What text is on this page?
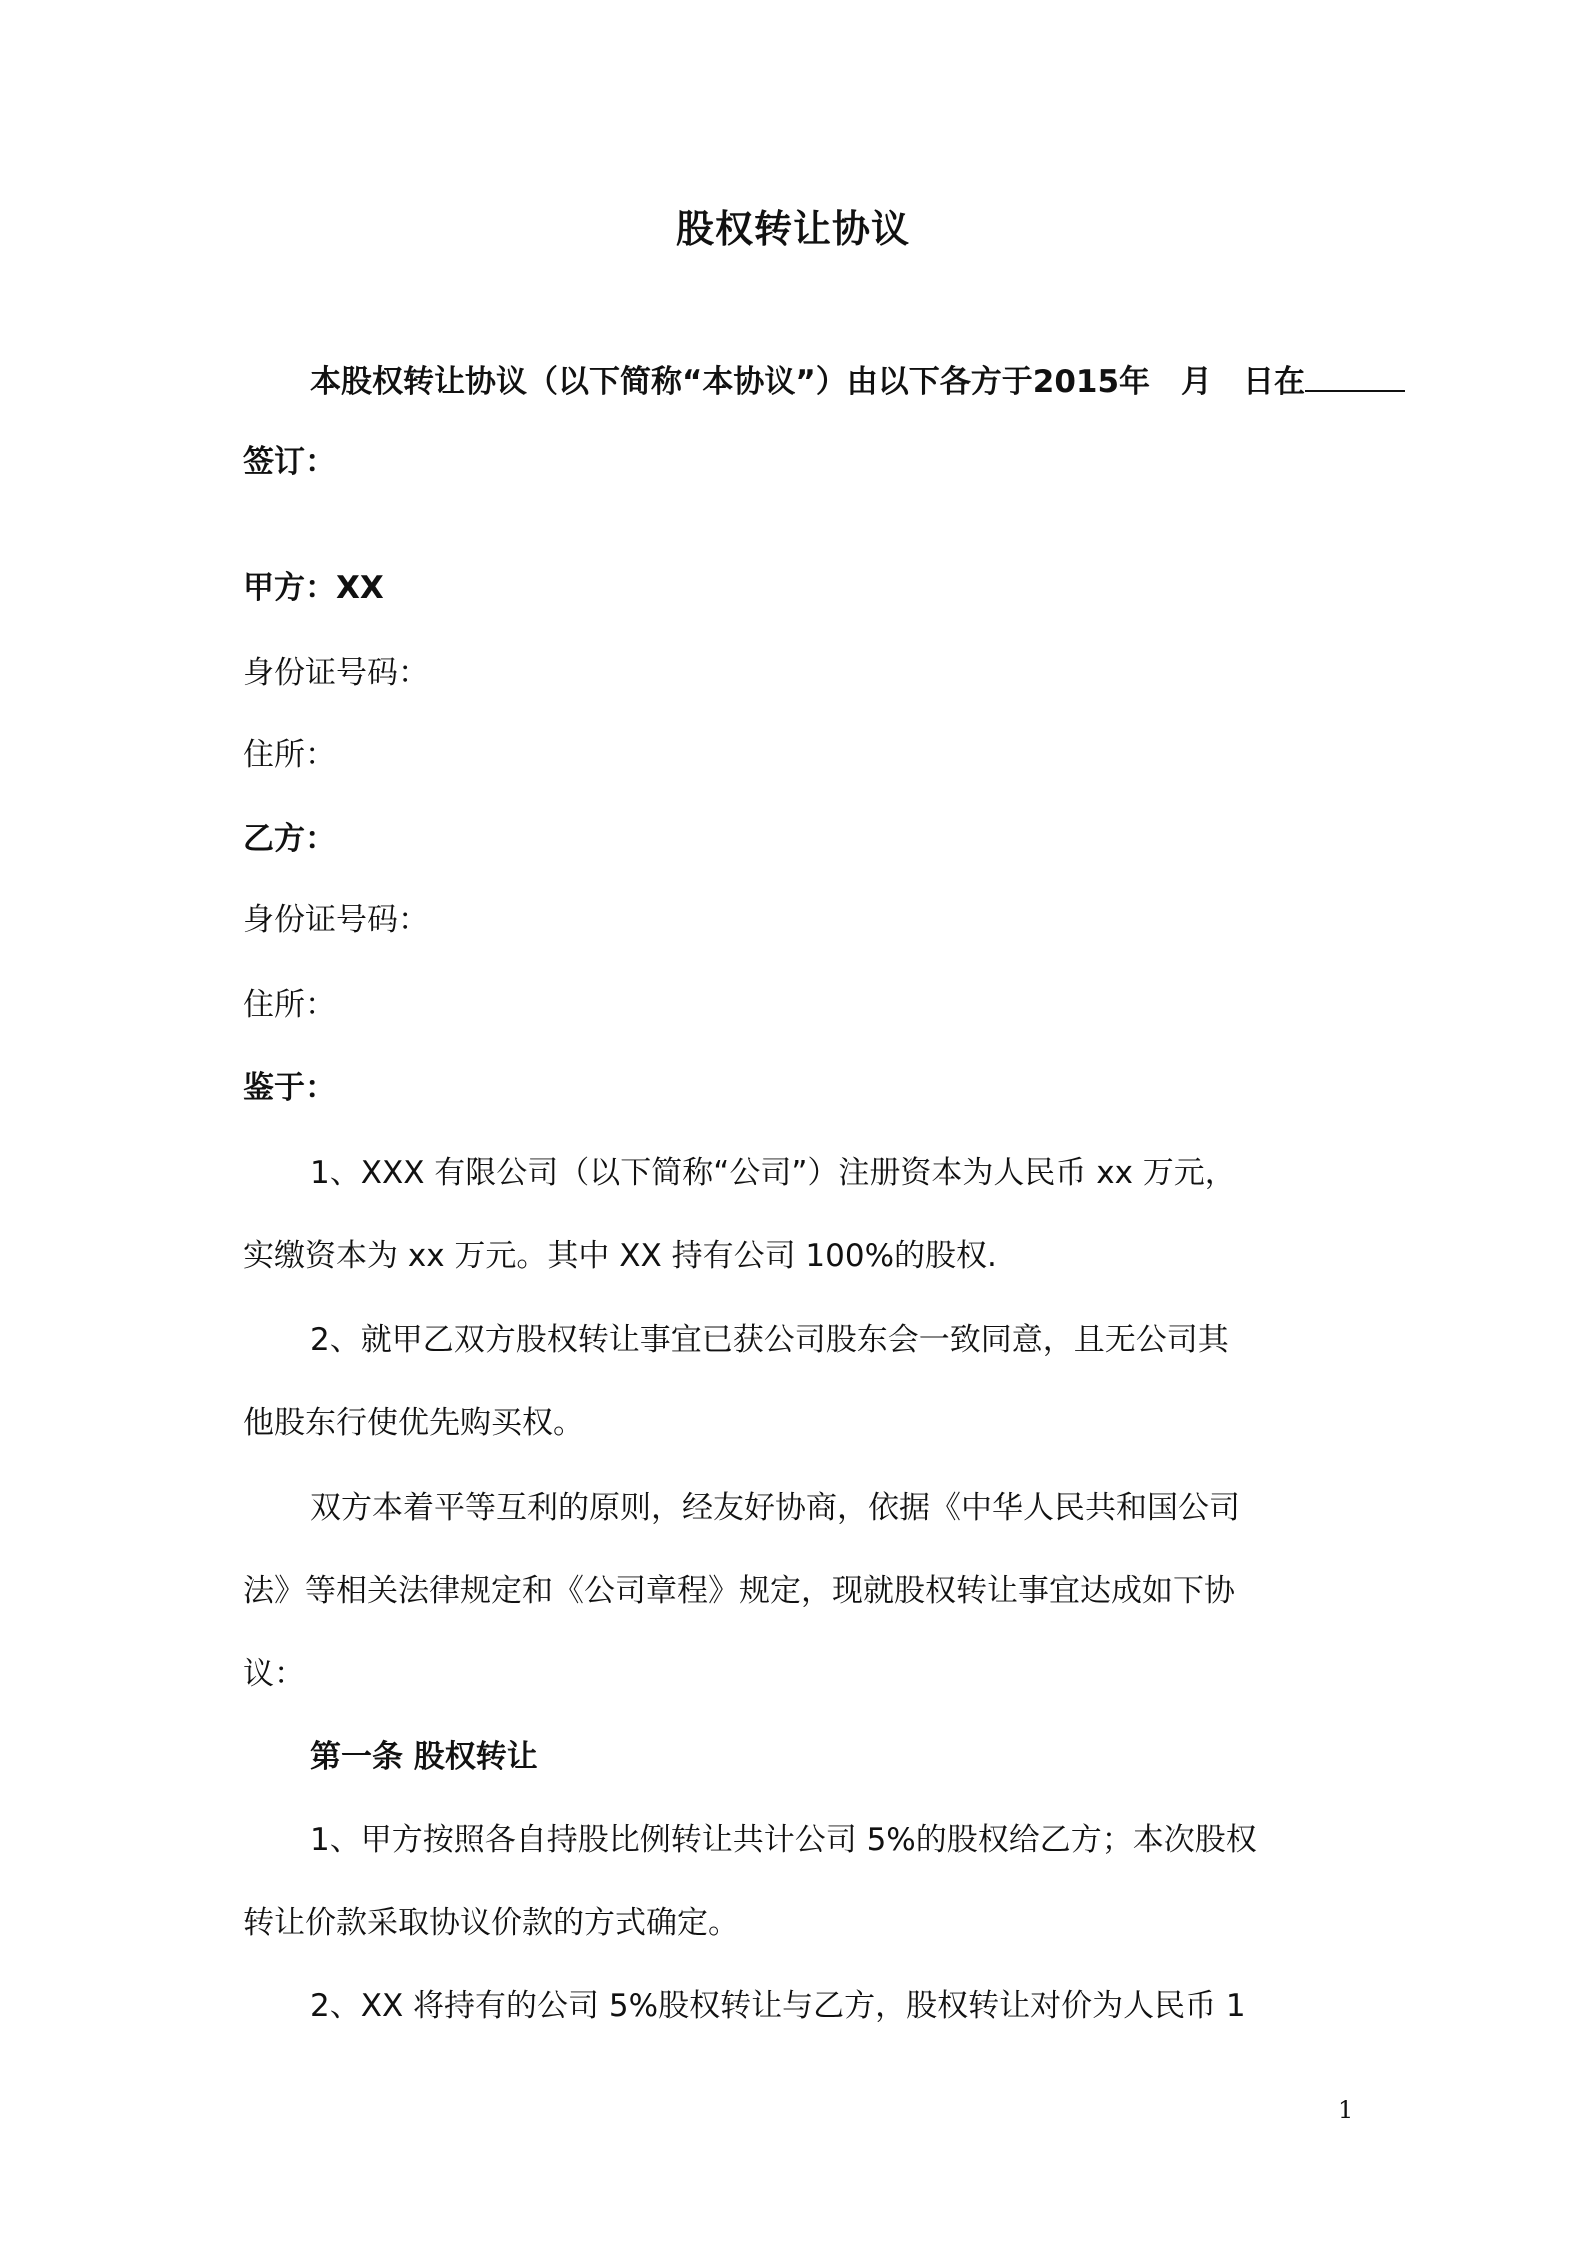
股权转让协议
本股权转让协议（以下简称“本协议”）由以下各方于2015年　月　日在
签订：
甲方：XX
身份证号码：
住所：
乙方：
身份证号码：
住所：
鉴于：
1、XXX 有限公司（以下简称“公司”）注册资本为人民币 xx 万元，
实缴资本为 xx 万元。其中 XX 持有公司 100%的股权.
2、就甲乙双方股权转让事宜已获公司股东会一致同意，且无公司其
他股东行使优先购买权。
双方本着平等互利的原则，经友好协商，依据《中华人民共和国公司
法》等相关法律规定和《公司章程》规定，现就股权转让事宜达成如下协
议：
第一条 股权转让
1、甲方按照各自持股比例转让共计公司 5%的股权给乙方；本次股权
转让价款采取协议价款的方式确定。
2、XX 将持有的公司 5%股权转让与乙方，股权转让对价为人民币 1
1
